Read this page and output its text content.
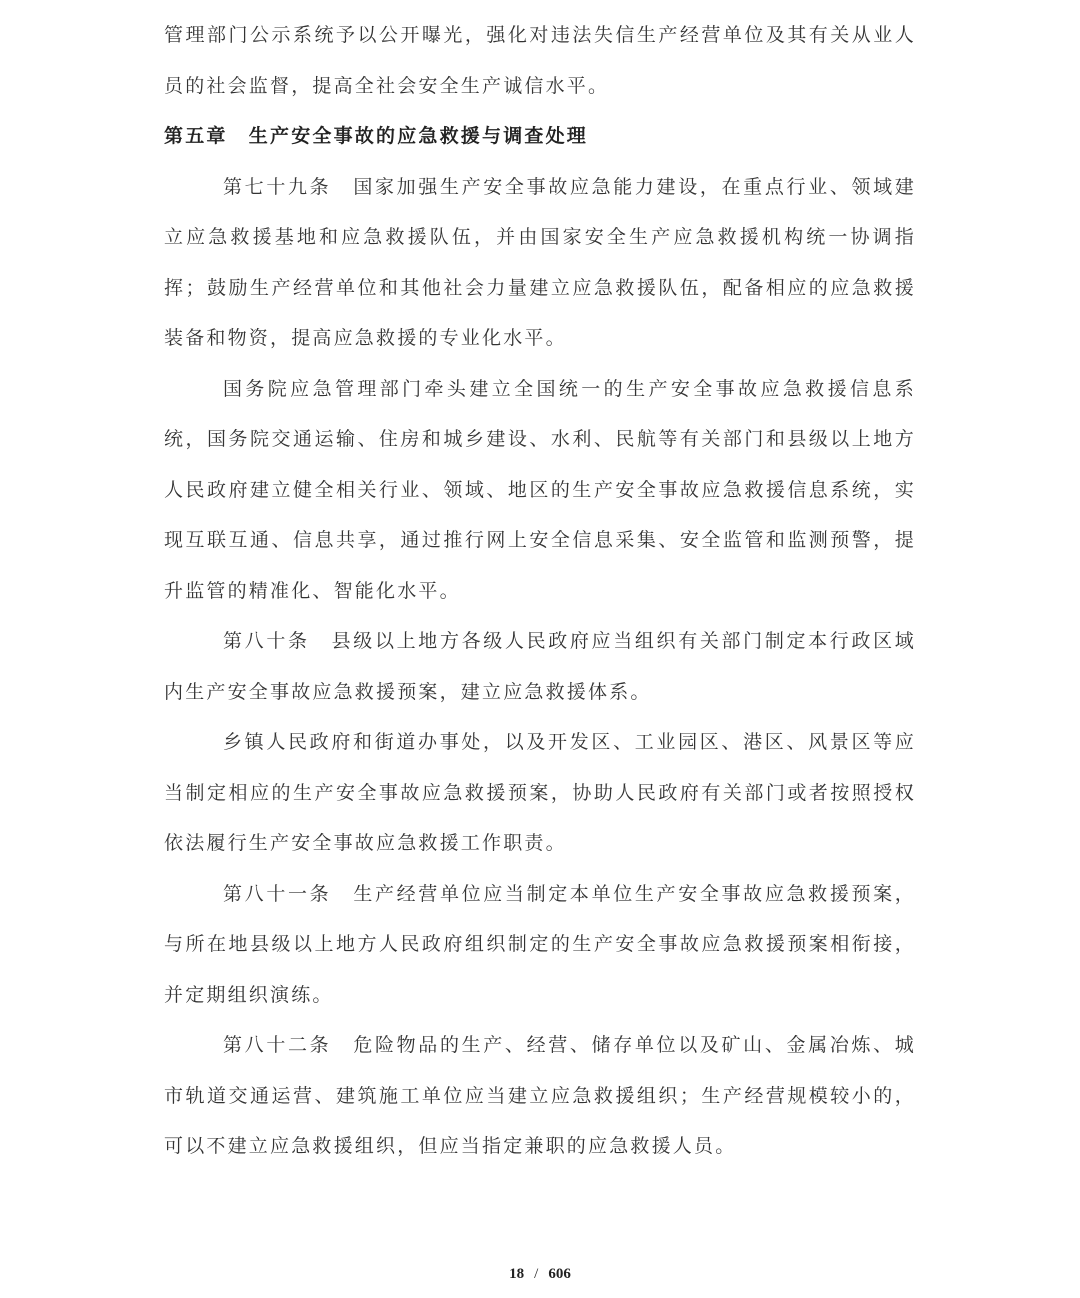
管理部门公示系统予以公开曝光，强化对违法失信生产经营单位及其有关从业人员的社会监督，提高全社会安全生产诚信水平。

第五章　生产安全事故的应急救援与调查处理

第七十九条 国家加强生产安全事故应急能力建设，在重点行业、领域建立应急救援基地和应急救援队伍，并由国家安全生产应急救援机构统一协调指挥；鼓励生产经营单位和其他社会力量建立应急救援队伍，配备相应的应急救援装备和物资，提高应急救援的专业化水平。

国务院应急管理部门牵头建立全国统一的生产安全事故应急救援信息系统，国务院交通运输、住房和城乡建设、水利、民航等有关部门和县级以上地方人民政府建立健全相关行业、领域、地区的生产安全事故应急救援信息系统，实现互联互通、信息共享，通过推行网上安全信息采集、安全监管和监测预警，提升监管的精准化、智能化水平。

第八十条 县级以上地方各级人民政府应当组织有关部门制定本行政区域内生产安全事故应急救援预案，建立应急救援体系。

乡镇人民政府和街道办事处，以及开发区、工业园区、港区、风景区等应当制定相应的生产安全事故应急救援预案，协助人民政府有关部门或者按照授权依法履行生产安全事故应急救援工作职责。

第八十一条 生产经营单位应当制定本单位生产安全事故应急救援预案，与所在地县级以上地方人民政府组织制定的生产安全事故应急救援预案相衔接，并定期组织演练。

第八十二条 危险物品的生产、经营、储存单位以及矿山、金属冶炼、城市轨道交通运营、建筑施工单位应当建立应急救援组织；生产经营规模较小的，可以不建立应急救援组织，但应当指定兼职的应急救援人员。

18 / 606
